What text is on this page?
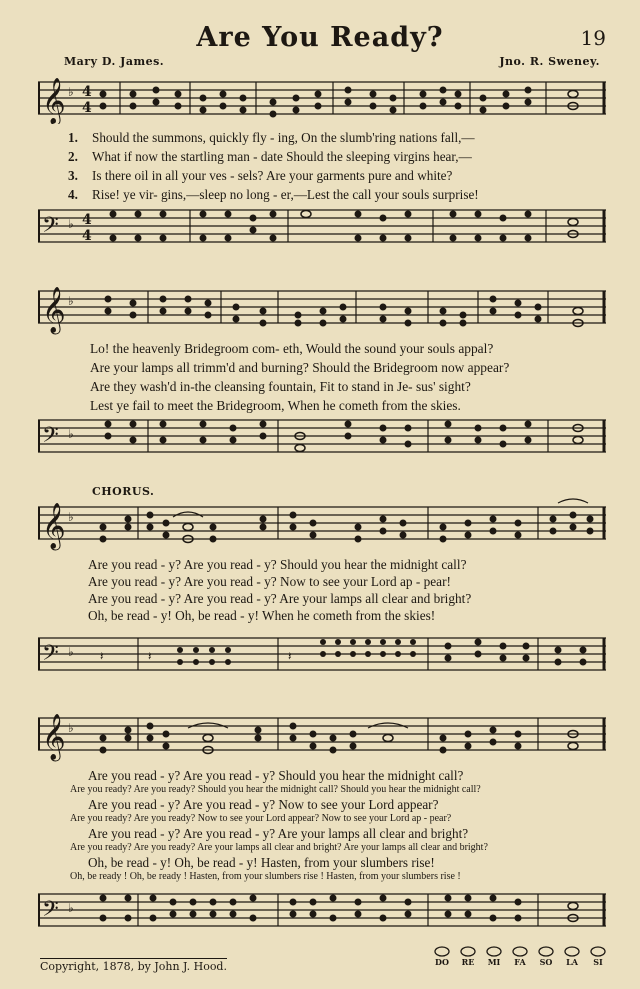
Are You Ready?	19
Mary D. James.	Jno. R. Sweney.
𝄞 ♭ 4
4
1. Should the summons, quickly fly - ing, On the slumb'ring nations fall,—
2. What if now the startling man - date Should the sleeping virgins hear,—
3. Is there oil in all your ves - sels? Are your garments pure and white?
4. Rise! ye vir- gins,—sleep no long - er,—Lest the call your souls surprise!
𝄢 ♭ 4
4
𝄞 ♭
Lo! the heavenly Bridegroom com- eth, Would the sound your souls appal?
Are your lamps all trimm'd and burning? Should the Bridegroom now appear?
Are they wash'd in-the cleansing fountain, Fit to stand in Je- sus' sight?
Lest ye fail to meet the Bridegroom, When he cometh from the skies.
𝄢 ♭
CHORUS.
𝄞 ♭
Are you read - y? Are you read - y? Should you hear the midnight call?
Are you read - y? Are you read - y? Now to see your Lord ap - pear!
Are you read - y? Are you read - y? Are your lamps all clear and bright?
Oh, be read - y! Oh, be read - y! When he cometh from the skies!
𝄢 ♭ 𝄽	𝄽	𝄽
𝄞 ♭
Are you read - y? Are you read - y? Should you hear the midnight call?
Are you ready? Are you ready? Should you hear the midnight call? Should you hear the midnight call?
Are you read - y? Are you read - y? Now to see your Lord appear?
Are you ready? Are you ready? Now to see your Lord appear? Now to see your Lord ap - pear?
Are you read - y? Are you read - y? Are your lamps all clear and bright?
Are you ready? Are you ready? Are your lamps all clear and bright? Are your lamps all clear and bright?
Oh, be read - y! Oh, be read - y! Hasten, from your slumbers rise!
Oh, be ready ! Oh, be ready ! Hasten, from your slumbers rise ! Hasten, from your slumbers rise !
𝄢 ♭
Copyright, 1878, by John J. Hood.	DO	RE	MI	FA	SO	LA	SI
